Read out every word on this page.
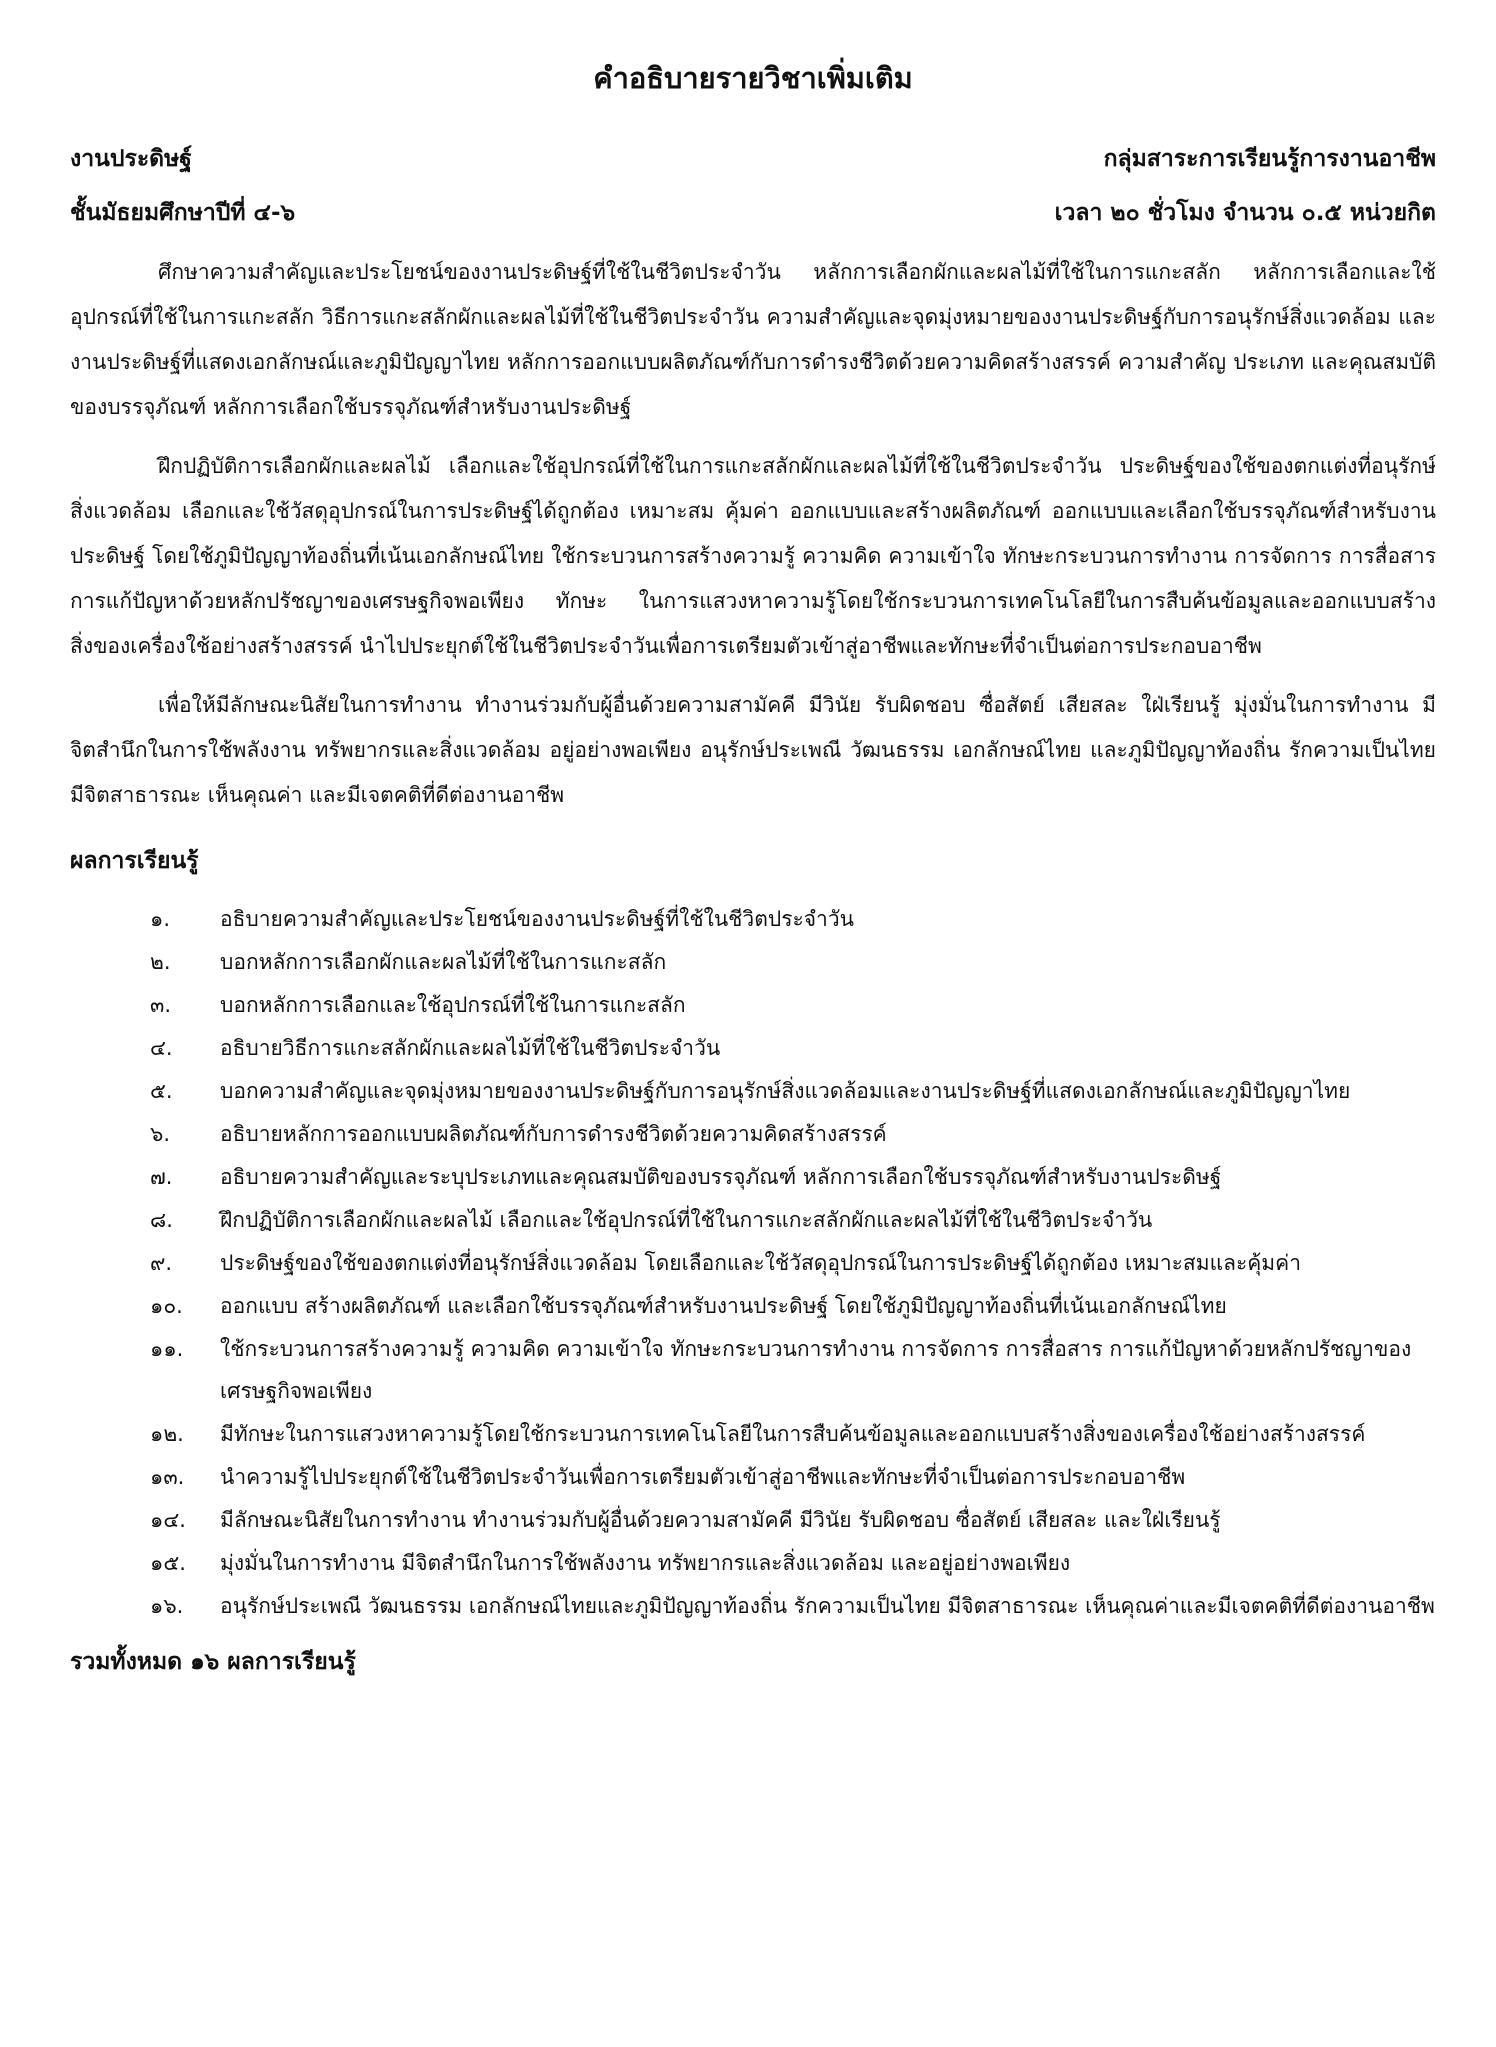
คำอธิบายรายวิชาเพิ่มเติม
งานประดิษฐ์	กลุ่มสาระการเรียนรู้การงานอาชีพ
ชั้นมัธยมศึกษาปีที่ ๔-๖	เวลา ๒๐ ชั่วโมง จำนวน ๐.๕ หน่วยกิต

ศึกษาความสำคัญและประโยชน์ของงานประดิษฐ์ที่ใช้ในชีวิตประจำวัน หลักการเลือกผักและผลไม้ที่ใช้ในการแกะสลัก หลักการเลือกและใช้อุปกรณ์ที่ใช้ในการแกะสลัก วิธีการแกะสลักผักและผลไม้ที่ใช้ในชีวิตประจำวัน ความสำคัญและจุดมุ่งหมายของงานประดิษฐ์กับการอนุรักษ์สิ่งแวดล้อม และงานประดิษฐ์ที่แสดงเอกลักษณ์และภูมิปัญญาไทย หลักการออกแบบผลิตภัณฑ์กับการดำรงชีวิตด้วยความคิดสร้างสรรค์ ความสำคัญ ประเภท และคุณสมบัติของบรรจุภัณฑ์ หลักการเลือกใช้บรรจุภัณฑ์สำหรับงานประดิษฐ์

ฝึกปฏิบัติการเลือกผักและผลไม้ เลือกและใช้อุปกรณ์ที่ใช้ในการแกะสลักผักและผลไม้ที่ใช้ในชีวิตประจำวัน ประดิษฐ์ของใช้ของตกแต่งที่อนุรักษ์สิ่งแวดล้อม เลือกและใช้วัสดุอุปกรณ์ในการประดิษฐ์ได้ถูกต้อง เหมาะสม คุ้มค่า ออกแบบและสร้างผลิตภัณฑ์ ออกแบบและเลือกใช้บรรจุภัณฑ์สำหรับงานประดิษฐ์ โดยใช้ภูมิปัญญาท้องถิ่นที่เน้นเอกลักษณ์ไทย ใช้กระบวนการสร้างความรู้ ความคิด ความเข้าใจ ทักษะกระบวนการทำงาน การจัดการ การสื่อสาร การแก้ปัญหาด้วยหลักปรัชญาของเศรษฐกิจพอเพียง ทักษะ ในการแสวงหาความรู้โดยใช้กระบวนการเทคโนโลยีในการสืบค้นข้อมูลและออกแบบสร้างสิ่งของเครื่องใช้อย่างสร้างสรรค์ นำไปประยุกต์ใช้ในชีวิตประจำวันเพื่อการเตรียมตัวเข้าสู่อาชีพและทักษะที่จำเป็นต่อการประกอบอาชีพ

เพื่อให้มีลักษณะนิสัยในการทำงาน ทำงานร่วมกับผู้อื่นด้วยความสามัคคี มีวินัย รับผิดชอบ ซื่อสัตย์ เสียสละ ใฝ่เรียนรู้ มุ่งมั่นในการทำงาน มีจิตสำนึกในการใช้พลังงาน ทรัพยากรและสิ่งแวดล้อม อยู่อย่างพอเพียง อนุรักษ์ประเพณี วัฒนธรรม เอกลักษณ์ไทย และภูมิปัญญาท้องถิ่น รักความเป็นไทย มีจิตสาธารณะ เห็นคุณค่า และมีเจตคติที่ดีต่องานอาชีพ

ผลการเรียนรู้
๑.	อธิบายความสำคัญและประโยชน์ของงานประดิษฐ์ที่ใช้ในชีวิตประจำวัน
๒.	บอกหลักการเลือกผักและผลไม้ที่ใช้ในการแกะสลัก
๓.	บอกหลักการเลือกและใช้อุปกรณ์ที่ใช้ในการแกะสลัก
๔.	อธิบายวิธีการแกะสลักผักและผลไม้ที่ใช้ในชีวิตประจำวัน
๕.	บอกความสำคัญและจุดมุ่งหมายของงานประดิษฐ์กับการอนุรักษ์สิ่งแวดล้อมและงานประดิษฐ์ที่แสดงเอกลักษณ์และภูมิปัญญาไทย
๖.	อธิบายหลักการออกแบบผลิตภัณฑ์กับการดำรงชีวิตด้วยความคิดสร้างสรรค์
๗.	อธิบายความสำคัญและระบุประเภทและคุณสมบัติของบรรจุภัณฑ์ หลักการเลือกใช้บรรจุภัณฑ์สำหรับงานประดิษฐ์
๘.	ฝึกปฏิบัติการเลือกผักและผลไม้ เลือกและใช้อุปกรณ์ที่ใช้ในการแกะสลักผักและผลไม้ที่ใช้ในชีวิตประจำวัน
๙.	ประดิษฐ์ของใช้ของตกแต่งที่อนุรักษ์สิ่งแวดล้อม โดยเลือกและใช้วัสดุอุปกรณ์ในการประดิษฐ์ได้ถูกต้อง เหมาะสมและคุ้มค่า
๑๐.	ออกแบบ สร้างผลิตภัณฑ์ และเลือกใช้บรรจุภัณฑ์สำหรับงานประดิษฐ์ โดยใช้ภูมิปัญญาท้องถิ่นที่เน้นเอกลักษณ์ไทย
๑๑.	ใช้กระบวนการสร้างความรู้ ความคิด ความเข้าใจ ทักษะกระบวนการทำงาน การจัดการ การสื่อสาร การแก้ปัญหาด้วยหลักปรัชญาของเศรษฐกิจพอเพียง
๑๒.	มีทักษะในการแสวงหาความรู้โดยใช้กระบวนการเทคโนโลยีในการสืบค้นข้อมูลและออกแบบสร้างสิ่งของเครื่องใช้อย่างสร้างสรรค์
๑๓.	นำความรู้ไปประยุกต์ใช้ในชีวิตประจำวันเพื่อการเตรียมตัวเข้าสู่อาชีพและทักษะที่จำเป็นต่อการประกอบอาชีพ
๑๔.	มีลักษณะนิสัยในการทำงาน ทำงานร่วมกับผู้อื่นด้วยความสามัคคี มีวินัย รับผิดชอบ ซื่อสัตย์ เสียสละ และใฝ่เรียนรู้
๑๕.	มุ่งมั่นในการทำงาน มีจิตสำนึกในการใช้พลังงาน ทรัพยากรและสิ่งแวดล้อม และอยู่อย่างพอเพียง
๑๖.	อนุรักษ์ประเพณี วัฒนธรรม เอกลักษณ์ไทยและภูมิปัญญาท้องถิ่น รักความเป็นไทย มีจิตสาธารณะ เห็นคุณค่าและมีเจตคติที่ดีต่องานอาชีพ
รวมทั้งหมด ๑๖ ผลการเรียนรู้
